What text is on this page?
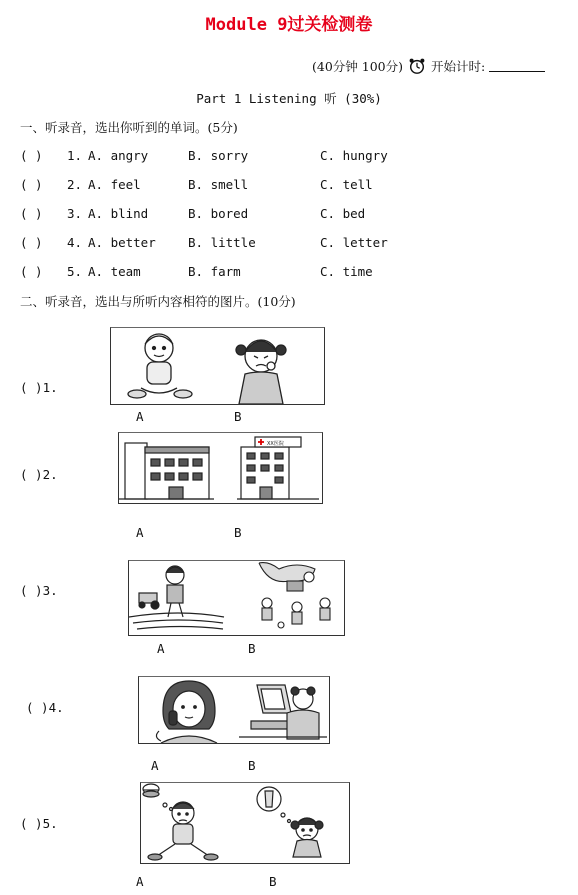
Module 9过关检测卷
(40分钟 100分) 开始计时:
Part 1 Listening 听 (30%)
一、听录音，选出你听到的单词。(5分)
( ) 1. A. angry	B. sorry	C. hungry
( ) 2. A. feel	B. smell	C. tell
( ) 3. A. blind	B. bored	C. bed
( ) 4. A. better	B. little	C. letter
( ) 5. A. team	B. farm	C. time
二、听录音，选出与所听内容相符的图片。(10分)
( )1.
A	B
( )2.
XX医院
A	B
( )3.
A	B
( )4.
A	B
( )5.
A	B
